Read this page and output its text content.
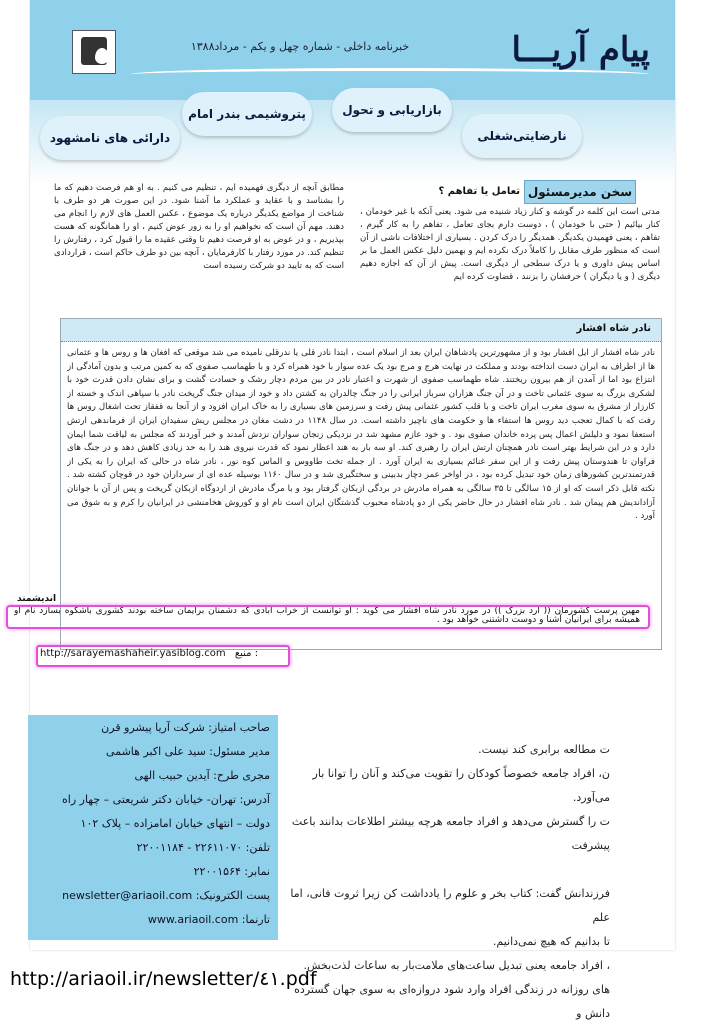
پیام آریـــا
خبرنامه داخلی - شماره چهل و یکم - مرداد۱۳۸۸
نارضایتی‌شغلی
بازاریابی و تحول
پتروشیمی بندر امام
دارائی های نامشهود
سخن مدیرمسئول
تعامل یا تفاهم ؟
مدتی است این کلمه در گوشه و کنار زیاد شنیده می شود. یعنی آنکه با غیر خودمان ، کنار بیائیم ( حتی با خودمان ) ، دوست دارم بجای تعامل ، تفاهم را به کار گیرم ، تفاهم ، یعنی فهمیدن یکدیگر. همدیگر را درک کردن . بسیاری از اختلافات ناشی از آن است که منظور طرف مقابل را کاملاً درک نکرده ایم و بهمین دلیل عکس العمل ما بر اساس پیش داوری و یا درک سطحی از دیگری است. پیش از آن که اجازه دهیم دیگری ( و یا دیگران ) حرفشان را بزنند ، قضاوت کرده ایم
مطابق آنچه از دیگری فهمیده ایم ، تنظیم می کنیم . به او هم فرصت دهیم که ما را بشناسد و با عقاید و عملکرد ما آشنا شود. در این صورت هر دو طرف با شناخت از مواضع یکدیگر درباره یک موضوع ، عکس العمل های لازم را انجام می دهند. مهم آن است که نخواهیم او را به زور عوض کنیم ، او را همانگونه که هست بپذیریم ، و در عوض به او فرصت دهیم تا وقتی عقیده ما را قبول کرد ، رفتارش را تنظیم کند. در مورد رفتار با کارفرمایان ، آنچه بین دو طرف حاکم است ، قراردادی است که به تایید دو شرکت رسیده است
نادر شاه افشار
نادر شاه افشار از ایل افشار بود و از مشهورترین پادشاهان ایران بعد از اسلام است ، ابتدا نادر قلی یا ندرقلی نامیده می شد موقعی که افغان ها و روس ها و عثمانی ها از اطراف به ایران دست انداخته بودند و مملکت در نهایت هرج و مرج بود یک عده سوار با خود همراه کرد و با طهماسب صفوی که به کمین مرتب و بدون آمادگی از انتزاع بود اما از آمدن از هم بیرون ریختند. شاه طهماسب صفوی از شهرت و اعتبار نادر در بین مردم دچار رشک و حسادت گشت و برای نشان دادن قدرت خود با لشکری بزرگ به سوی عثمانی تاخت و در آن جنگ هزاران سرباز ایرانی را در جنگ چالدران به کشتن داد و خود از میدان جنگ گریخت نادر با سپاهی اندک و خسته از کارزار از مشرق به سوی مغرب ایران تاخت و با قلب کشور عثمانی پیش رفت و سرزمین های بسیاری را به خاک ایران افزود و از آنجا به قفقاز تحت اشغال روس ها رفت که با کمال تعجب دید روس ها استفاء ها و حکومت های ناچیز داشته است. در سال ۱۱۴۸ در دشت مغان در مجلس ریش سفیدان ایران از فرماندهی ارتش استعفا نمود و دلیلش اعمال پس پرده خاندان صفوی بود . و خود عازم مشهد شد در نزدیکی زنجان سواران نزدش آمدند و خبر آوردند که مجلس به لیاقت شما ایمان دارد و در این شرایط بهتر است نادر همچنان ارتش ایران را رهبری کند. او سه بار به هند اعظار نمود که قدرت نیروی هند را به حد زیادی کاهش دهد و در جنگ های فراوان تا هندوستان پیش رفت و از این سفر غنائم بسیاری به ایران آورد . از جمله تخت طاووس و الماس کوه نور ، نادر شاه در حالی که ایران را به یکی از قدرتمندترین کشورهای زمان خود تبدیل کرده بود ، در اواخر عمر دچار بدبینی و سختگیری شد و در سال ۱۱۶۰ بوسیله عده ای از سرداران خود در قوچان کشته شد . نکته قابل ذکر است که او از ۱۵ سالگی تا ۳۵ سالگی به همراه مادرش در بردگی ازبکان گرفتار بود و با مرگ مادرش از اردوگاه ازبکان گریخت و پس از آن با جوانان آزاداندیش هم پیمان شد . نادر شاه افشار در حال حاضر یکی از دو پادشاه محبوب گذشتگان ایران است نام او و کوروش هخامنشی در ایرانیان را کرم و به شوق می آورد .
مهین پرست کشورمان (( ارد بزرگ )) در مورد نادر شاه افشار می گوید : او توانست از خراب آبادی که دشمنان برایمان ساخته بودند کشوری باشکوه بسازد نام او همیشه برای ایرانیان آشنا و دوست داشتنی خواهد بود .
اندیشمند
http://sarayemashaheir.yasiblog.com منبع :
صاحب امتیاز: شرکت آریا پیشرو قرن
مدیر مسئول: سید علی اکبر هاشمی
مجری طرح: آیدین حبیب الهی
آدرس: تهران- خیابان دکتر شریعتی – چهار راه
دولت – انتهای خیابان امامزاده – پلاک ۱۰۲
تلفن: ۲۲۶۱۱۰۷۰ - ۲۲۰۰۱۱۸۴
نمابر: ۲۲۰۰۱۵۶۴
پست الکترونیک: newsletter@ariaoil.com
تارنما: www.ariaoil.com
ت مطالعه برابری کند نیست.
ن، افراد جامعه خصوصاً کودکان را تقویت می‌کند و آنان را توانا بار می‌آورد.
ت را گسترش می‌دهد و افراد جامعه هرچه بیشتر اطلاعات بدانند باعث پیشرفت
فرزندانش گفت: کتاب بخر و علوم را یادداشت کن زیرا ثروت فانی، اما علم
تا بدانیم که هیچ نمی‌دانیم.
، افراد جامعه یعنی تبدیل ساعت‌های ملامت‌بار به ساعات لذت‌بخش.
های روزانه در زندگی افراد وارد شود دروازه‌ای به سوی جهان گسترده دانش و
http://ariaoil.ir/newsletter/٤١.pdf
